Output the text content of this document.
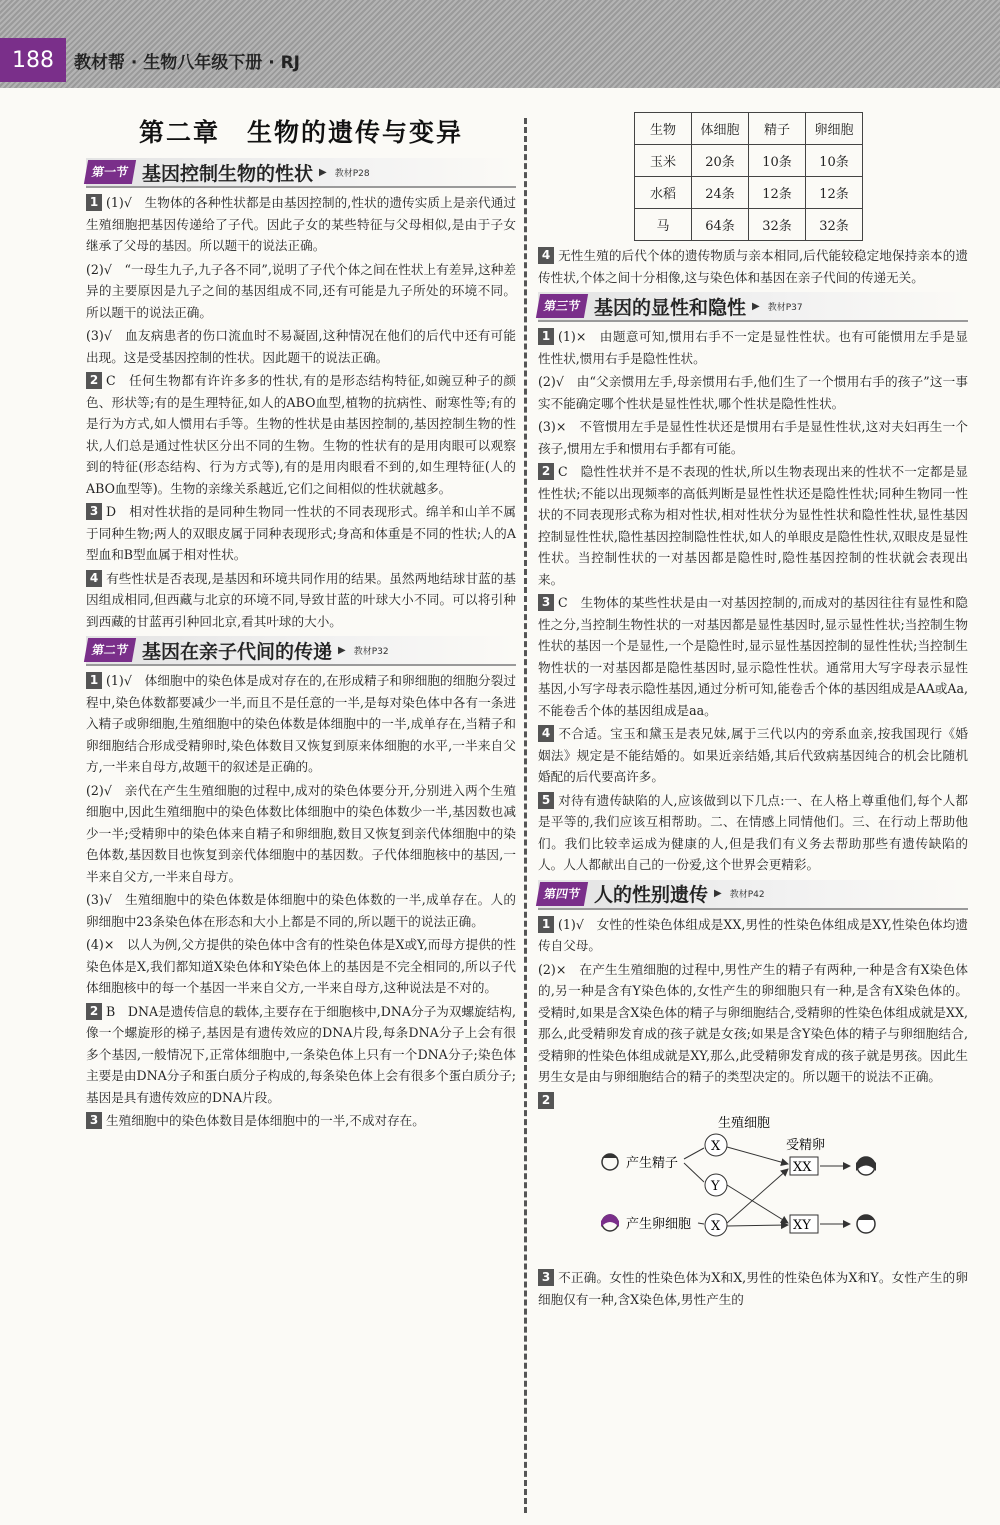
188	教材帮 · 生物八年级下册 · RJ
第二章　生物的遗传与变异
第一节 基因控制生物的性状 ▶ 教材P28

1 (1)√　生物体的各种性状都是由基因控制的,性状的遗传实质上是亲代通过生殖细胞把基因传递给了子代。因此子女的某些特征与父母相似,是由于子女继承了父母的基因。所以题干的说法正确。

(2)√　“一母生九子,九子各不同”,说明了子代个体之间在性状上有差异,这种差异的主要原因是九子之间的基因组成不同,还有可能是九子所处的环境不同。所以题干的说法正确。

(3)√　血友病患者的伤口流血时不易凝固,这种情况在他们的后代中还有可能出现。这是受基因控制的性状。因此题干的说法正确。

2 C　任何生物都有许许多多的性状,有的是形态结构特征,如豌豆种子的颜色、形状等;有的是生理特征,如人的ABO血型,植物的抗病性、耐寒性等;有的是行为方式,如人惯用右手等。生物的性状是由基因控制的,基因控制生物的性状,人们总是通过性状区分出不同的生物。生物的性状有的是用肉眼可以观察到的特征(形态结构、行为方式等),有的是用肉眼看不到的,如生理特征(人的ABO血型等)。生物的亲缘关系越近,它们之间相似的性状就越多。

3 D　相对性状指的是同种生物同一性状的不同表现形式。绵羊和山羊不属于同种生物;两人的双眼皮属于同种表现形式;身高和体重是不同的性状;人的A型血和B型血属于相对性状。

4 有些性状是否表现,是基因和环境共同作用的结果。虽然两地结球甘蓝的基因组成相同,但西藏与北京的环境不同,导致甘蓝的叶球大小不同。可以将引种到西藏的甘蓝再引种回北京,看其叶球的大小。

第二节 基因在亲子代间的传递 ▶ 教材P32

1 (1)√　体细胞中的染色体是成对存在的,在形成精子和卵细胞的细胞分裂过程中,染色体数都要减少一半,而且不是任意的一半,是每对染色体中各有一条进入精子或卵细胞,生殖细胞中的染色体数是体细胞中的一半,成单存在,当精子和卵细胞结合形成受精卵时,染色体数目又恢复到原来体细胞的水平,一半来自父方,一半来自母方,故题干的叙述是正确的。

(2)√　亲代在产生生殖细胞的过程中,成对的染色体要分开,分别进入两个生殖细胞中,因此生殖细胞中的染色体数比体细胞中的染色体数少一半,基因数也减少一半;受精卵中的染色体来自精子和卵细胞,数目又恢复到亲代体细胞中的染色体数,基因数目也恢复到亲代体细胞中的基因数。子代体细胞核中的基因,一半来自父方,一半来自母方。

(3)√　生殖细胞中的染色体数是体细胞中的染色体数的一半,成单存在。人的卵细胞中23条染色体在形态和大小上都是不同的,所以题干的说法正确。

(4)×　以人为例,父方提供的染色体中含有的性染色体是X或Y,而母方提供的性染色体是X,我们都知道X染色体和Y染色体上的基因是不完全相同的,所以子代体细胞核中的每一个基因一半来自父方,一半来自母方,这种说法是不对的。

2 B　DNA是遗传信息的载体,主要存在于细胞核中,DNA分子为双螺旋结构,像一个螺旋形的梯子,基因是有遗传效应的DNA片段,每条DNA分子上会有很多个基因,一般情况下,正常体细胞中,一条染色体上只有一个DNA分子;染色体主要是由DNA分子和蛋白质分子构成的,每条染色体上会有很多个蛋白质分子;基因是具有遗传效应的DNA片段。

3 生殖细胞中的染色体数目是体细胞中的一半,不成对存在。

生物	体细胞	精子	卵细胞
玉米	20条	10条	10条
水稻	24条	12条	12条
马	64条	32条	32条

4 无性生殖的后代个体的遗传物质与亲本相同,后代能较稳定地保持亲本的遗传性状,个体之间十分相像,这与染色体和基因在亲子代间的传递无关。

第三节 基因的显性和隐性 ▶ 教材P37

1 (1)×　由题意可知,惯用右手不一定是显性性状。也有可能惯用左手是显性性状,惯用右手是隐性性状。

(2)√　由“父亲惯用左手,母亲惯用右手,他们生了一个惯用右手的孩子”这一事实不能确定哪个性状是显性性状,哪个性状是隐性性状。

(3)×　不管惯用左手是显性性状还是惯用右手是显性性状,这对夫妇再生一个孩子,惯用左手和惯用右手都有可能。

2 C　隐性性状并不是不表现的性状,所以生物表现出来的性状不一定都是显性性状;不能以出现频率的高低判断是显性性状还是隐性性状;同种生物同一性状的不同表现形式称为相对性状,相对性状分为显性性状和隐性性状,显性基因控制显性性状,隐性基因控制隐性性状,如人的单眼皮是隐性性状,双眼皮是显性性状。当控制性状的一对基因都是隐性时,隐性基因控制的性状就会表现出来。

3 C　生物体的某些性状是由一对基因控制的,而成对的基因往往有显性和隐性之分,当控制生物性状的一对基因都是显性基因时,显示显性性状;当控制生物性状的基因一个是显性,一个是隐性时,显示显性基因控制的显性性状;当控制生物性状的一对基因都是隐性基因时,显示隐性性状。通常用大写字母表示显性基因,小写字母表示隐性基因,通过分析可知,能卷舌个体的基因组成是AA或Aa,不能卷舌个体的基因组成是aa。

4 不合适。宝玉和黛玉是表兄妹,属于三代以内的旁系血亲,按我国现行《婚姻法》规定是不能结婚的。如果近亲结婚,其后代致病基因纯合的机会比随机婚配的后代要高许多。

5 对待有遗传缺陷的人,应该做到以下几点:一、在人格上尊重他们,每个人都是平等的,我们应该互相帮助。二、在情感上同情他们。三、在行动上帮助他们。我们比较幸运成为健康的人,但是我们有义务去帮助那些有遗传缺陷的人。人人都献出自己的一份爱,这个世界会更精彩。

第四节 人的性别遗传 ▶ 教材P42

1 (1)√　女性的性染色体组成是XX,男性的性染色体组成是XY,性染色体均遗传自父母。

(2)×　在产生生殖细胞的过程中,男性产生的精子有两种,一种是含有X染色体的,另一种是含有Y染色体的,女性产生的卵细胞只有一种,是含有X染色体的。受精时,如果是含X染色体的精子与卵细胞结合,受精卵的性染色体组成就是XX,那么,此受精卵发育成的孩子就是女孩;如果是含Y染色体的精子与卵细胞结合,受精卵的性染色体组成就是XY,那么,此受精卵发育成的孩子就是男孩。因此生男生女是由与卵细胞结合的精子的类型决定的。所以题干的说法不正确。

2

生殖细胞
产生精子
产生卵细胞
X
Y
X
受精卵
XX
XY

3 不正确。女性的性染色体为X和X,男性的性染色体为X和Y。女性产生的卵细胞仅有一种,含X染色体,男性产生的
